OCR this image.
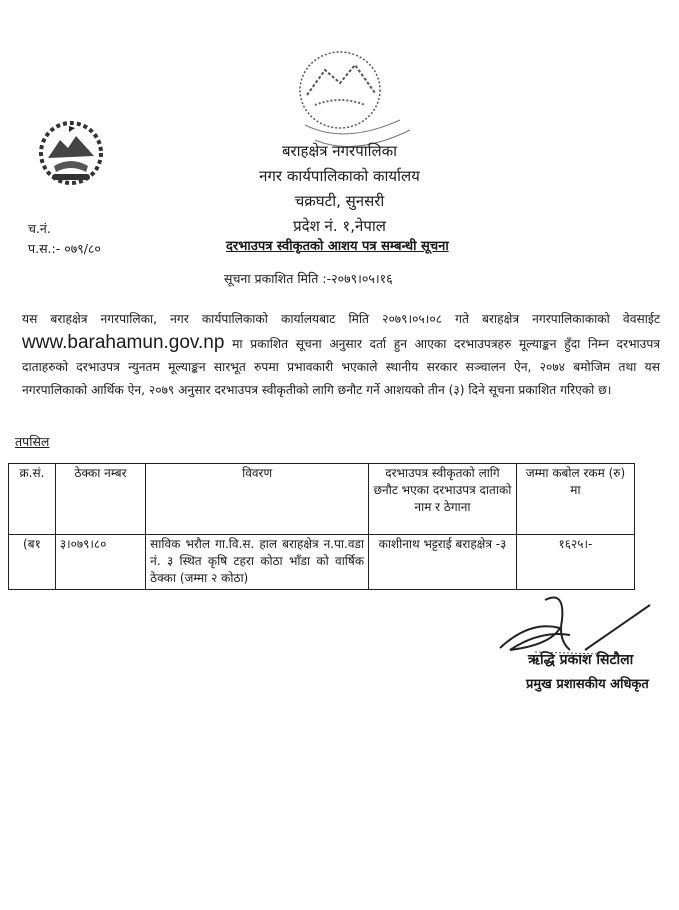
बराहक्षेत्र नगरपालिका
नगर कार्यपालिकाको कार्यालय
चक्रघटी, सुनसरी
प्रदेश नं. १,नेपाल
च.नं.
प.स.:- ०७९/८०	दरभाउपत्र स्वीकृतको आशय पत्र सम्बन्धी सूचना
सूचना प्रकाशित मिति :-२०७९।०५।१६
यस बराहक्षेत्र नगरपालिका, नगर कार्यपालिकाको कार्यालयबाट मिति २०७९।०५।०८ गते बराहक्षेत्र नगरपालिकाकाको वेवसाईट www.barahamun.gov.np मा प्रकाशित सूचना अनुसार दर्ता हुन आएका दरभाउपत्रहरु मूल्याङ्कन हुँदा निम्न दरभाउपत्र दाताहरुको दरभाउपत्र न्युनतम मूल्याङ्कन सारभूत रुपमा प्रभावकारी भएकाले स्थानीय सरकार सञ्चालन ऐन, २०७४ बमोजिम तथा यस नगरपालिकाको आर्थिक ऐन, २०७९ अनुसार दरभाउपत्र स्वीकृतीको लागि छनौट गर्ने आशयको तीन (३) दिने सूचना प्रकाशित गरिएको छ।
तपसिल
क्र.सं.	ठेक्का नम्बर	विवरण	दरभाउपत्र स्वीकृतको लागि छनौट भएका दरभाउपत्र दाताको नाम र ठेगाना	जम्मा कबोल रकम (रु) मा
(ब१	३।०७९।८०	साविक भरौल गा.वि.स. हाल बराहक्षेत्र न.पा.वडा नं. ३ स्थित कृषि टहरा कोठा भाँडा को वार्षिक ठेक्का (जम्मा २ कोठा)	काशीनाथ भट्टराई बराहक्षेत्र -३	१६२५।-
ऋद्धि प्रकाश सिटौला
प्रमुख प्रशासकीय अधिकृत
